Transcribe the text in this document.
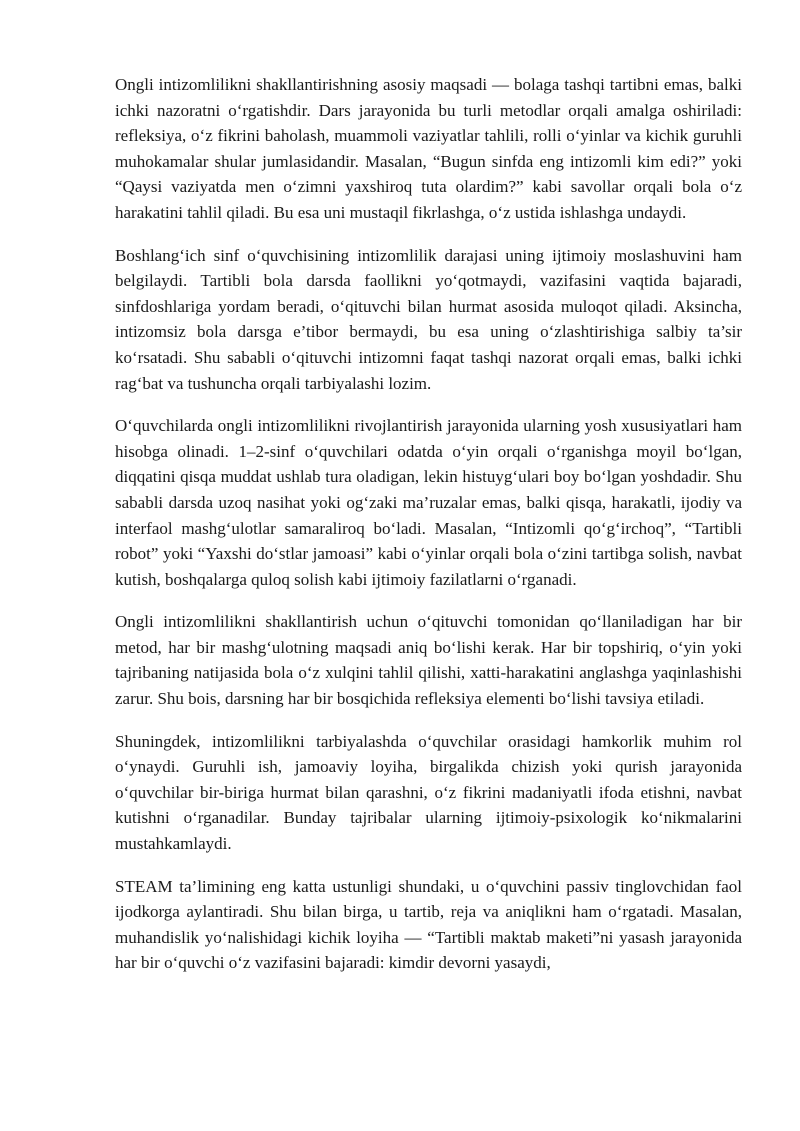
Ongli intizomlilikni shakllantirishning asosiy maqsadi — bolaga tashqi tartibni emas, balki ichki nazoratni o‘rgatishdir. Dars jarayonida bu turli metodlar orqali amalga oshiriladi: refleksiya, o‘z fikrini baholash, muammoli vaziyatlar tahlili, rolli o‘yinlar va kichik guruhli muhokamalar shular jumlasidandir. Masalan, “Bugun sinfda eng intizomli kim edi?” yoki “Qaysi vaziyatda men o‘zimni yaxshiroq tuta olardim?” kabi savollar orqali bola o‘z harakatini tahlil qiladi. Bu esa uni mustaqil fikrlashga, o‘z ustida ishlashga undaydi.

Boshlang‘ich sinf o‘quvchisining intizomlilik darajasi uning ijtimoiy moslashuvini ham belgilaydi. Tartibli bola darsda faollikni yo‘qotmaydi, vazifasini vaqtida bajaradi, sinfdoshlariga yordam beradi, o‘qituvchi bilan hurmat asosida muloqot qiladi. Aksincha, intizomsiz bola darsga e’tibor bermaydi, bu esa uning o‘zlashtirishiga salbiy ta’sir ko‘rsatadi. Shu sababli o‘qituvchi intizomni faqat tashqi nazorat orqali emas, balki ichki rag‘bat va tushuncha orqali tarbiyalashi lozim.

O‘quvchilarda ongli intizomlilikni rivojlantirish jarayonida ularning yosh xususiyatlari ham hisobga olinadi. 1–2-sinf o‘quvchilari odatda o‘yin orqali o‘rganishga moyil bo‘lgan, diqqatini qisqa muddat ushlab tura oladigan, lekin histuyg‘ulari boy bo‘lgan yoshdadir. Shu sababli darsda uzoq nasihat yoki og‘zaki ma’ruzalar emas, balki qisqa, harakatli, ijodiy va interfaol mashg‘ulotlar samaraliroq bo‘ladi. Masalan, “Intizomli qo‘g‘irchoq”, “Tartibli robot” yoki “Yaxshi do‘stlar jamoasi” kabi o‘yinlar orqali bola o‘zini tartibga solish, navbat kutish, boshqalarga quloq solish kabi ijtimoiy fazilatlarni o‘rganadi.

Ongli intizomlilikni shakllantirish uchun o‘qituvchi tomonidan qo‘llaniladigan har bir metod, har bir mashg‘ulotning maqsadi aniq bo‘lishi kerak. Har bir topshiriq, o‘yin yoki tajribaning natijasida bola o‘z xulqini tahlil qilishi, xatti-harakatini anglashga yaqinlashishi zarur. Shu bois, darsning har bir bosqichida refleksiya elementi bo‘lishi tavsiya etiladi.

Shuningdek, intizomlilikni tarbiyalashda o‘quvchilar orasidagi hamkorlik muhim rol o‘ynaydi. Guruhli ish, jamoaviy loyiha, birgalikda chizish yoki qurish jarayonida o‘quvchilar bir-biriga hurmat bilan qarashni, o‘z fikrini madaniyatli ifoda etishni, navbat kutishni o‘rganadilar. Bunday tajribalar ularning ijtimoiy-psixologik ko‘nikmalarini mustahkamlaydi.

STEAM ta’limining eng katta ustunligi shundaki, u o‘quvchini passiv tinglovchidan faol ijodkorga aylantiradi. Shu bilan birga, u tartib, reja va aniqlikni ham o‘rgatadi. Masalan, muhandislik yo‘nalishidagi kichik loyiha — “Tartibli maktab maketi”ni yasash jarayonida har bir o‘quvchi o‘z vazifasini bajaradi: kimdir devorni yasaydi,
